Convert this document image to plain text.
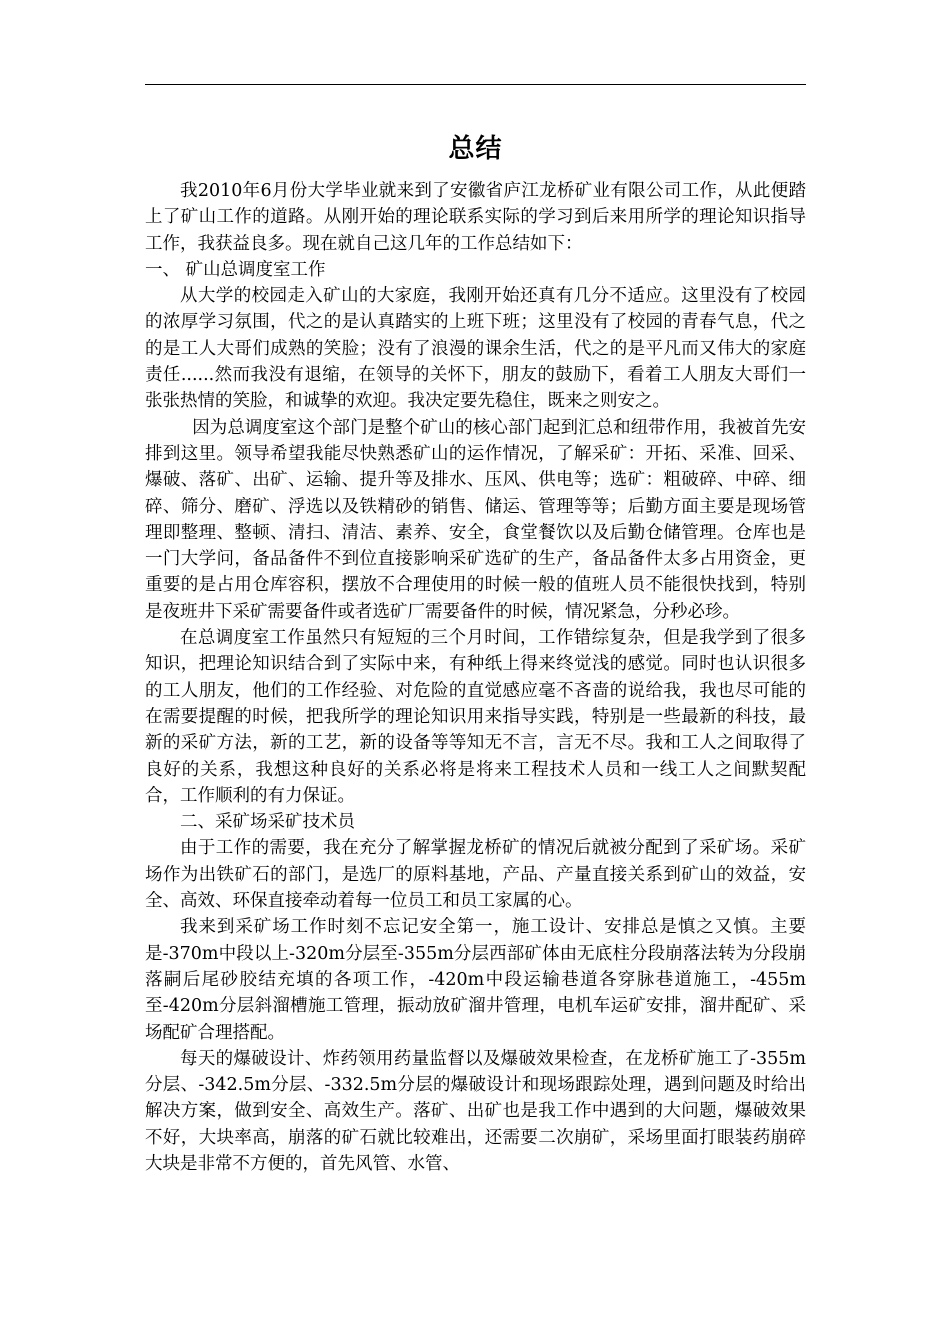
总结

我2010年6月份大学毕业就来到了安徽省庐江龙桥矿业有限公司工作，从此便踏上了矿山工作的道路。从刚开始的理论联系实际的学习到后来用所学的理论知识指导工作，我获益良多。现在就自己这几年的工作总结如下：

一、 矿山总调度室工作

从大学的校园走入矿山的大家庭，我刚开始还真有几分不适应。这里没有了校园的浓厚学习氛围，代之的是认真踏实的上班下班；这里没有了校园的青春气息，代之的是工人大哥们成熟的笑脸；没有了浪漫的课余生活，代之的是平凡而又伟大的家庭责任......然而我没有退缩，在领导的关怀下，朋友的鼓励下，看着工人朋友大哥们一张张热情的笑脸，和诚挚的欢迎。我决定要先稳住，既来之则安之。

因为总调度室这个部门是整个矿山的核心部门起到汇总和纽带作用，我被首先安排到这里。领导希望我能尽快熟悉矿山的运作情况，了解采矿：开拓、采准、回采、爆破、落矿、出矿、运输、提升等及排水、压风、供电等；选矿：粗破碎、中碎、细碎、筛分、磨矿、浮选以及铁精砂的销售、储运、管理等等；后勤方面主要是现场管理即整理、整顿、清扫、清洁、素养、安全，食堂餐饮以及后勤仓储管理。仓库也是一门大学问，备品备件不到位直接影响采矿选矿的生产，备品备件太多占用资金，更重要的是占用仓库容积，摆放不合理使用的时候一般的值班人员不能很快找到，特别是夜班井下采矿需要备件或者选矿厂需要备件的时候，情况紧急，分秒必珍。

在总调度室工作虽然只有短短的三个月时间，工作错综复杂，但是我学到了很多知识，把理论知识结合到了实际中来，有种纸上得来终觉浅的感觉。同时也认识很多的工人朋友，他们的工作经验、对危险的直觉感应毫不吝啬的说给我，我也尽可能的在需要提醒的时候，把我所学的理论知识用来指导实践，特别是一些最新的科技，最新的采矿方法，新的工艺，新的设备等等知无不言，言无不尽。我和工人之间取得了良好的关系，我想这种良好的关系必将是将来工程技术人员和一线工人之间默契配合，工作顺利的有力保证。

二、采矿场采矿技术员

由于工作的需要，我在充分了解掌握龙桥矿的情况后就被分配到了采矿场。采矿场作为出铁矿石的部门，是选厂的原料基地，产品、产量直接关系到矿山的效益，安全、高效、环保直接牵动着每一位员工和员工家属的心。

我来到采矿场工作时刻不忘记安全第一，施工设计、安排总是慎之又慎。主要是-370m中段以上-320m分层至-355m分层西部矿体由无底柱分段崩落法转为分段崩落嗣后尾砂胶结充填的各项工作，-420m中段运输巷道各穿脉巷道施工，-455m至-420m分层斜溜槽施工管理，振动放矿溜井管理，电机车运矿安排，溜井配矿、采场配矿合理搭配。

每天的爆破设计、炸药领用药量监督以及爆破效果检查，在龙桥矿施工了-355m分层、-342.5m分层、-332.5m分层的爆破设计和现场跟踪处理，遇到问题及时给出解决方案，做到安全、高效生产。落矿、出矿也是我工作中遇到的大问题，爆破效果不好，大块率高，崩落的矿石就比较难出，还需要二次崩矿，采场里面打眼装药崩碎大块是非常不方便的，首先风管、水管、
